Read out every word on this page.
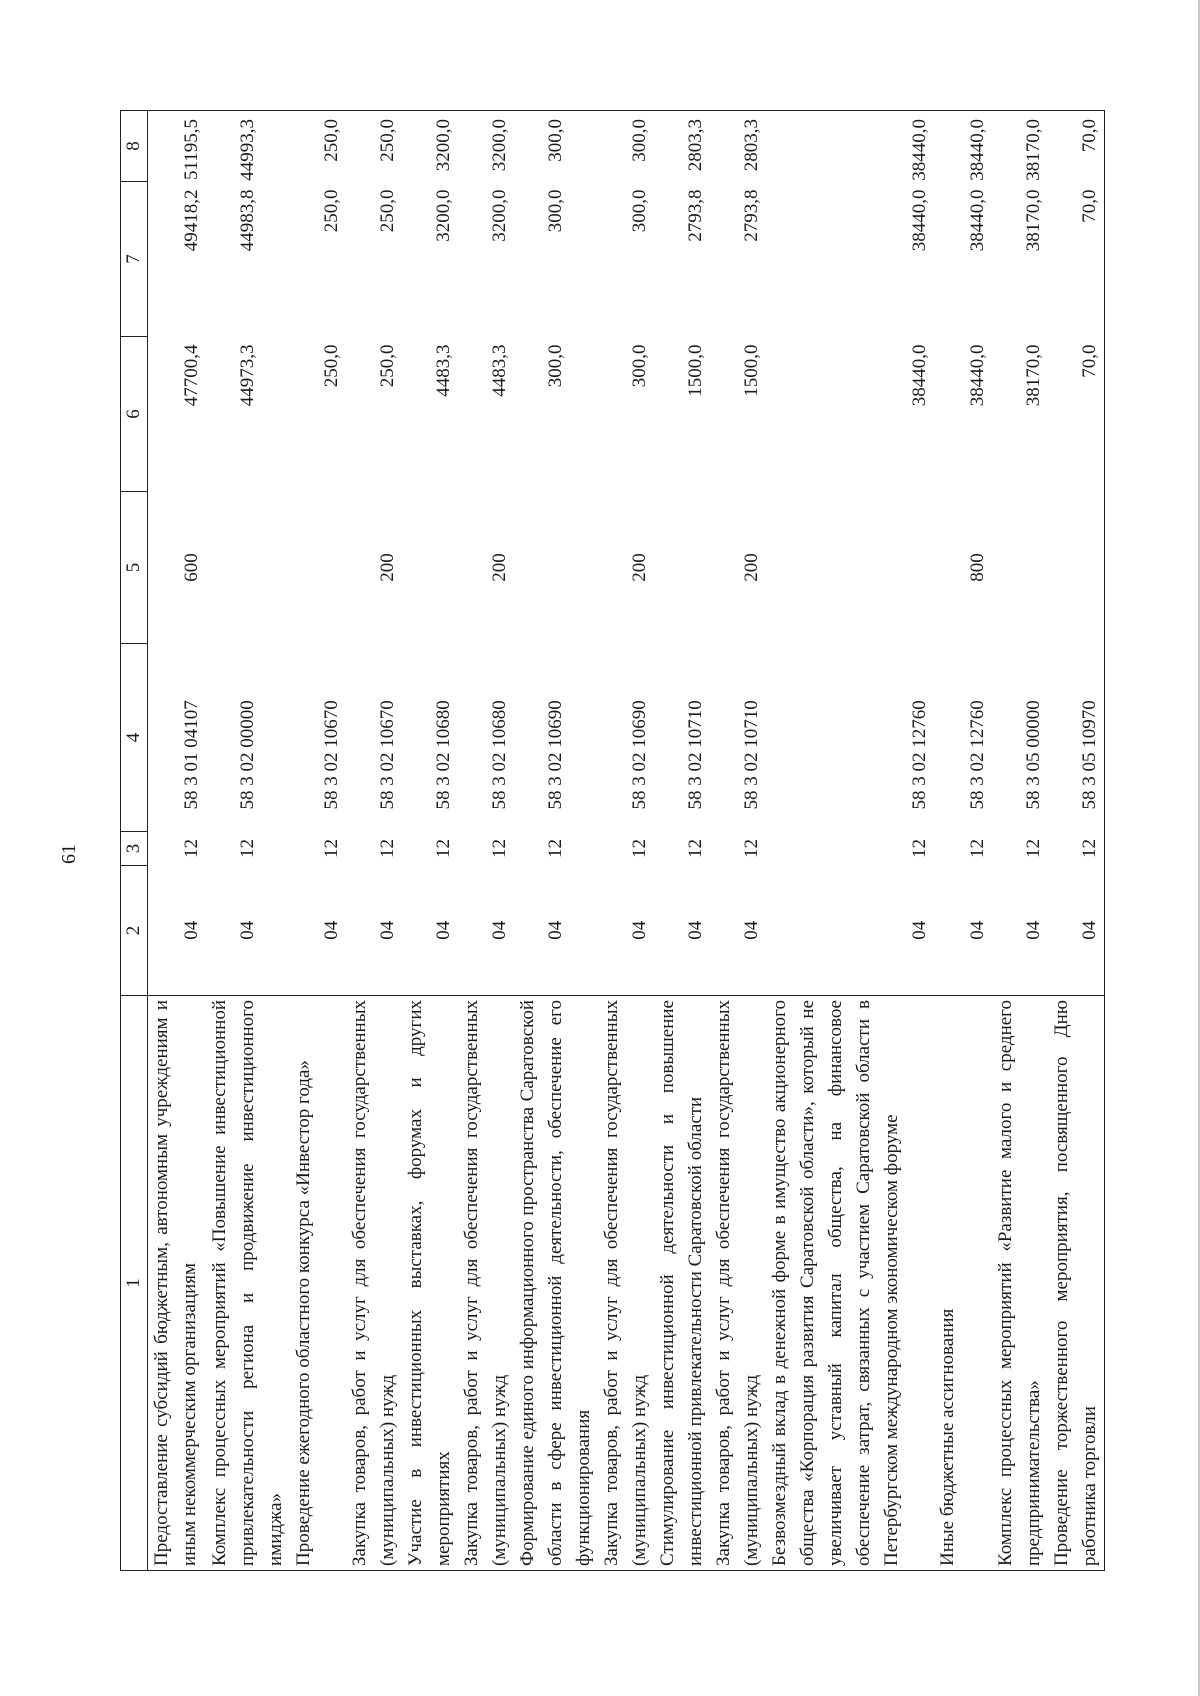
61
1	2	3	4	5	6	7	8
Предоставление субсидий бюджетным, автономным учреждениям и иным некоммерческим организациям	04	12	58 3 01 04107	600	47700,4	49418,2	51195,5
Комплекс процессных мероприятий «Повышение инвестиционной привлекательности региона и продвижение инвестиционного имиджа»	04	12	58 3 02 00000		44973,3	44983,8	44993,3
Проведение ежегодного областного конкурса «Инвестор года»	04	12	58 3 02 10670		250,0	250,0	250,0
Закупка товаров, работ и услуг для обеспечения государственных (муниципальных) нужд	04	12	58 3 02 10670	200	250,0	250,0	250,0
Участие в инвестиционных выставках, форумах и других мероприятиях	04	12	58 3 02 10680		4483,3	3200,0	3200,0
Закупка товаров, работ и услуг для обеспечения государственных (муниципальных) нужд	04	12	58 3 02 10680	200	4483,3	3200,0	3200,0
Формирование единого информационного пространства Саратовской области в сфере инвестиционной деятельности, обеспечение его функционирования	04	12	58 3 02 10690		300,0	300,0	300,0
Закупка товаров, работ и услуг для обеспечения государственных (муниципальных) нужд	04	12	58 3 02 10690	200	300,0	300,0	300,0
Стимулирование инвестиционной деятельности и повышение инвестиционной привлекательности Саратовской области	04	12	58 3 02 10710		1500,0	2793,8	2803,3
Закупка товаров, работ и услуг для обеспечения государственных (муниципальных) нужд	04	12	58 3 02 10710	200	1500,0	2793,8	2803,3
Безвозмездный вклад в денежной форме в имущество акционерного общества «Корпорация развития Саратовской области», который не увеличивает уставный капитал общества, на финансовое обеспечение затрат, связанных с участием Саратовской области в Петербургском международном экономическом форуме	04	12	58 3 02 12760		38440,0	38440,0	38440,0
Иные бюджетные ассигнования	04	12	58 3 02 12760	800	38440,0	38440,0	38440,0
Комплекс процессных мероприятий «Развитие малого и среднего предпринимательства»	04	12	58 3 05 00000		38170,0	38170,0	38170,0
Проведение торжественного мероприятия, посвященного Дню работника торговли	04	12	58 3 05 10970		70,0	70,0	70,0
